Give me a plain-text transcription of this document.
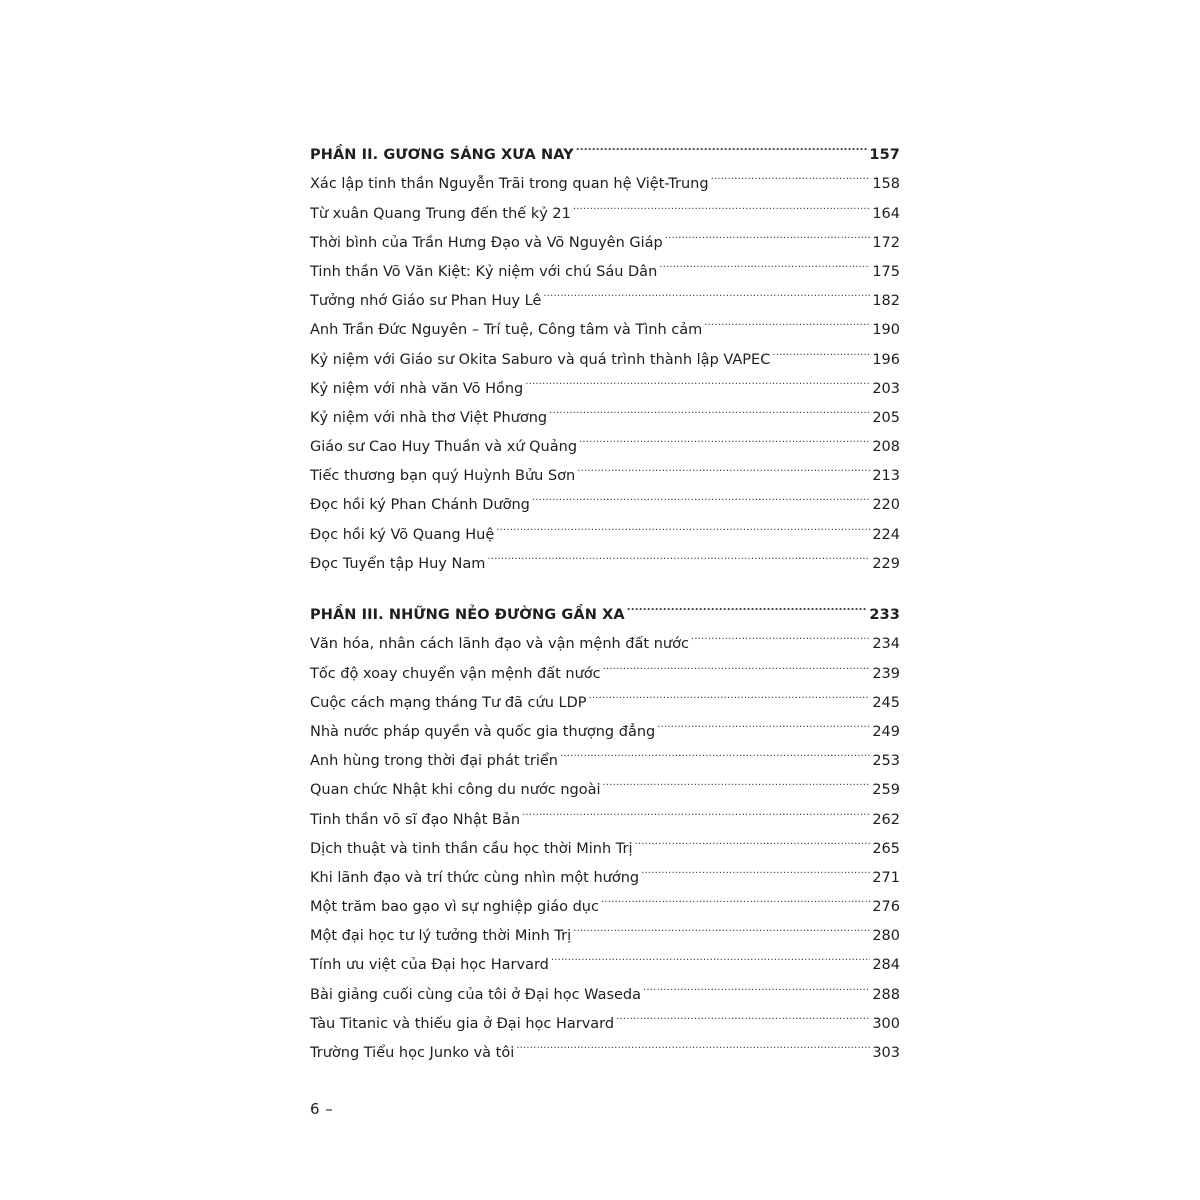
PHẦN II. GƯƠNG SÁNG XƯA NAY .....	157
Xác lập tinh thần Nguyễn Trãi trong quan hệ Việt-Trung .....	158
Từ xuân Quang Trung đến thế kỷ 21 .....	164
Thời bình của Trần Hưng Đạo và Võ Nguyên Giáp .....	172
Tinh thần Võ Văn Kiệt: Kỷ niệm với chú Sáu Dân .....	175
Tưởng nhớ Giáo sư Phan Huy Lê .....	182
Anh Trần Đức Nguyên – Trí tuệ, Công tâm và Tình cảm .....	190
Kỷ niệm với Giáo sư Okita Saburo và quá trình thành lập VAPEC .....	196
Kỷ niệm với nhà văn Võ Hồng .....	203
Kỷ niệm với nhà thơ Việt Phương .....	205
Giáo sư Cao Huy Thuần và xứ Quảng .....	208
Tiếc thương bạn quý Huỳnh Bửu Sơn .....	213
Đọc hồi ký Phan Chánh Dưỡng .....	220
Đọc hồi ký Võ Quang Huệ .....	224
Đọc Tuyển tập Huy Nam .....	229
PHẦN III. NHỮNG NẺO ĐƯỜNG GẦN XA .....	233
Văn hóa, nhân cách lãnh đạo và vận mệnh đất nước .....	234
Tốc độ xoay chuyển vận mệnh đất nước .....	239
Cuộc cách mạng tháng Tư đã cứu LDP .....	245
Nhà nước pháp quyền và quốc gia thượng đẳng .....	249
Anh hùng trong thời đại phát triển .....	253
Quan chức Nhật khi công du nước ngoài .....	259
Tinh thần võ sĩ đạo Nhật Bản .....	262
Dịch thuật và tinh thần cầu học thời Minh Trị .....	265
Khi lãnh đạo và trí thức cùng nhìn một hướng .....	271
Một trăm bao gạo vì sự nghiệp giáo dục .....	276
Một đại học tư lý tưởng thời Minh Trị .....	280
Tính ưu việt của Đại học Harvard .....	284
Bài giảng cuối cùng của tôi ở Đại học Waseda .....	288
Tàu Titanic và thiếu gia ở Đại học Harvard .....	300
Trường Tiểu học Junko và tôi .....	303
6 –
